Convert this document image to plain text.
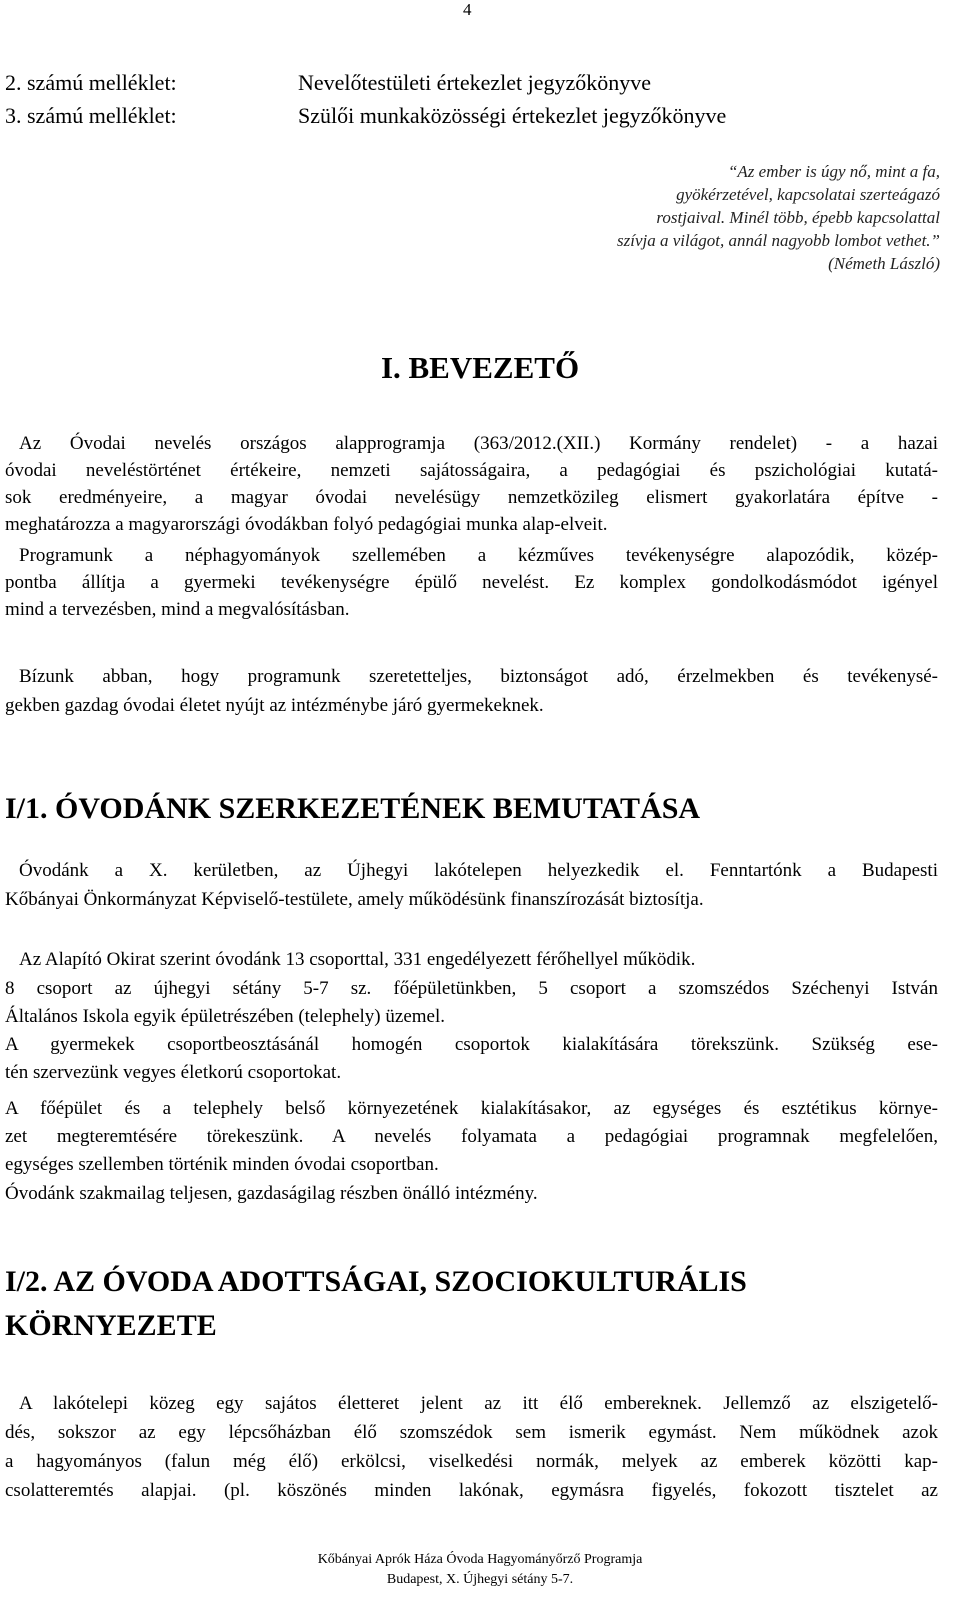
4
2. számú melléklet:	Nevelőtestületi értekezlet jegyzőkönyve
3. számú melléklet:	Szülői munkaközösségi értekezlet jegyzőkönyve
“Az ember is úgy nő, mint a fa,
gyökérzetével, kapcsolatai szerteágazó
rostjaival. Minél több, épebb kapcsolattal
szívja a világot, annál nagyobb lombot vethet.”
(Németh László)
I. BEVEZETŐ
Az Óvodai nevelés országos alapprogramja (363/2012.(XII.) Kormány rendelet) - a hazai
óvodai neveléstörténet értékeire, nemzeti sajátosságaira, a pedagógiai és pszichológiai kutatá-
sok eredményeire, a magyar óvodai nevelésügy nemzetközileg elismert gyakorlatára építve -
meghatározza a magyarországi óvodákban folyó pedagógiai munka alap-elveit.
Programunk a néphagyományok szellemében a kézműves tevékenységre alapozódik, közép-
pontba állítja a gyermeki tevékenységre épülő nevelést. Ez komplex gondolkodásmódot igényel
mind a tervezésben, mind a megvalósításban.
Bízunk abban, hogy programunk szeretetteljes, biztonságot adó, érzelmekben és tevékenysé-
gekben gazdag óvodai életet nyújt az intézménybe járó gyermekeknek.
I/1. ÓVODÁNK SZERKEZETÉNEK BEMUTATÁSA
Óvodánk a X. kerületben, az Újhegyi lakótelepen helyezkedik el. Fenntartónk a Budapesti
Kőbányai Önkormányzat Képviselő-testülete, amely működésünk finanszírozását biztosítja.
Az Alapító Okirat szerint óvodánk 13 csoporttal, 331 engedélyezett férőhellyel működik.
8 csoport az újhegyi sétány 5-7 sz. főépületünkben, 5 csoport a szomszédos Széchenyi István
Általános Iskola egyik épületrészében (telephely) üzemel.
A gyermekek csoportbeosztásánál homogén csoportok kialakítására törekszünk. Szükség ese-
tén szervezünk vegyes életkorú csoportokat.
A főépület és a telephely belső környezetének kialakításakor, az egységes és esztétikus környe-
zet megteremtésére törekeszünk. A nevelés folyamata a pedagógiai programnak megfelelően,
egységes szellemben történik minden óvodai csoportban.
Óvodánk szakmailag teljesen, gazdaságilag részben önálló intézmény.
I/2. AZ ÓVODA ADOTTSÁGAI, SZOCIOKULTURÁLIS
KÖRNYEZETE
A lakótelepi közeg egy sajátos életteret jelent az itt élő embereknek. Jellemző az elszigetelő-
dés, sokszor az egy lépcsőházban élő szomszédok sem ismerik egymást. Nem működnek azok
a hagyományos (falun még élő) erkölcsi, viselkedési normák, melyek az emberek közötti kap-
csolatteremtés alapjai. (pl. köszönés minden lakónak, egymásra figyelés, fokozott tisztelet az
Kőbányai Aprók Háza Óvoda Hagyományőrző Programja
Budapest, X. Újhegyi sétány 5-7.
